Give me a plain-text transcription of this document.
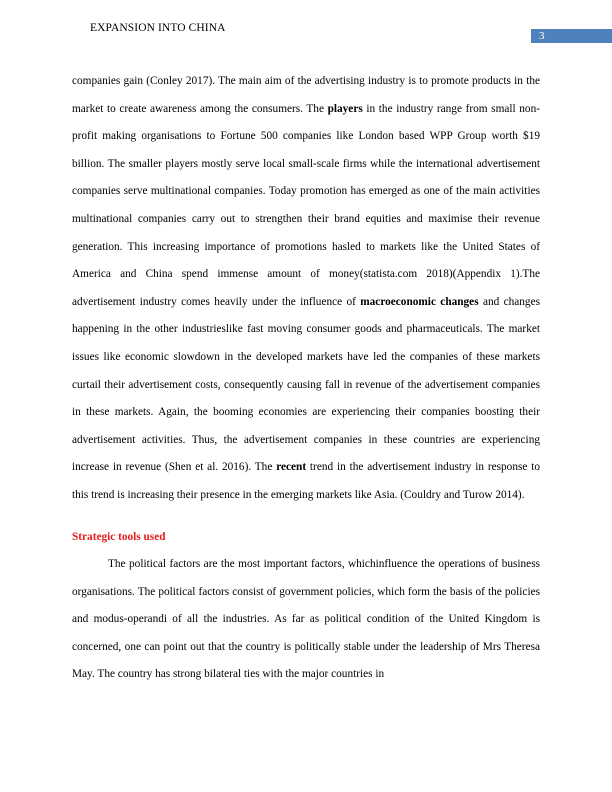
EXPANSION INTO CHINA
3

companies gain (Conley 2017). The main aim of the advertising industry is to promote products in the market to create awareness among the consumers. The players in the industry range from small non-profit making organisations to Fortune 500 companies like London based WPP Group worth $19 billion. The smaller players mostly serve local small-scale firms while the international advertisement companies serve multinational companies. Today promotion has emerged as one of the main activities multinational companies carry out to strengthen their brand equities and maximise their revenue generation. This increasing importance of promotions hasled to markets like the United States of America and China spend immense amount of money(statista.com 2018)(Appendix 1).The advertisement industry comes heavily under the influence of macroeconomic changes and changes happening in the other industrieslike fast moving consumer goods and pharmaceuticals. The market issues like economic slowdown in the developed markets have led the companies of these markets curtail their advertisement costs, consequently causing fall in revenue of the advertisement companies in these markets. Again, the booming economies are experiencing their companies boosting their advertisement activities. Thus, the advertisement companies in these countries are experiencing increase in revenue (Shen et al. 2016). The recent trend in the advertisement industry in response to this trend is increasing their presence in the emerging markets like Asia. (Couldry and Turow 2014).

Strategic tools used

The political factors are the most important factors, whichinfluence the operations of business organisations. The political factors consist of government policies, which form the basis of the policies and modus-operandi of all the industries. As far as political condition of the United Kingdom is concerned, one can point out that the country is politically stable under the leadership of Mrs Theresa May. The country has strong bilateral ties with the major countries in
